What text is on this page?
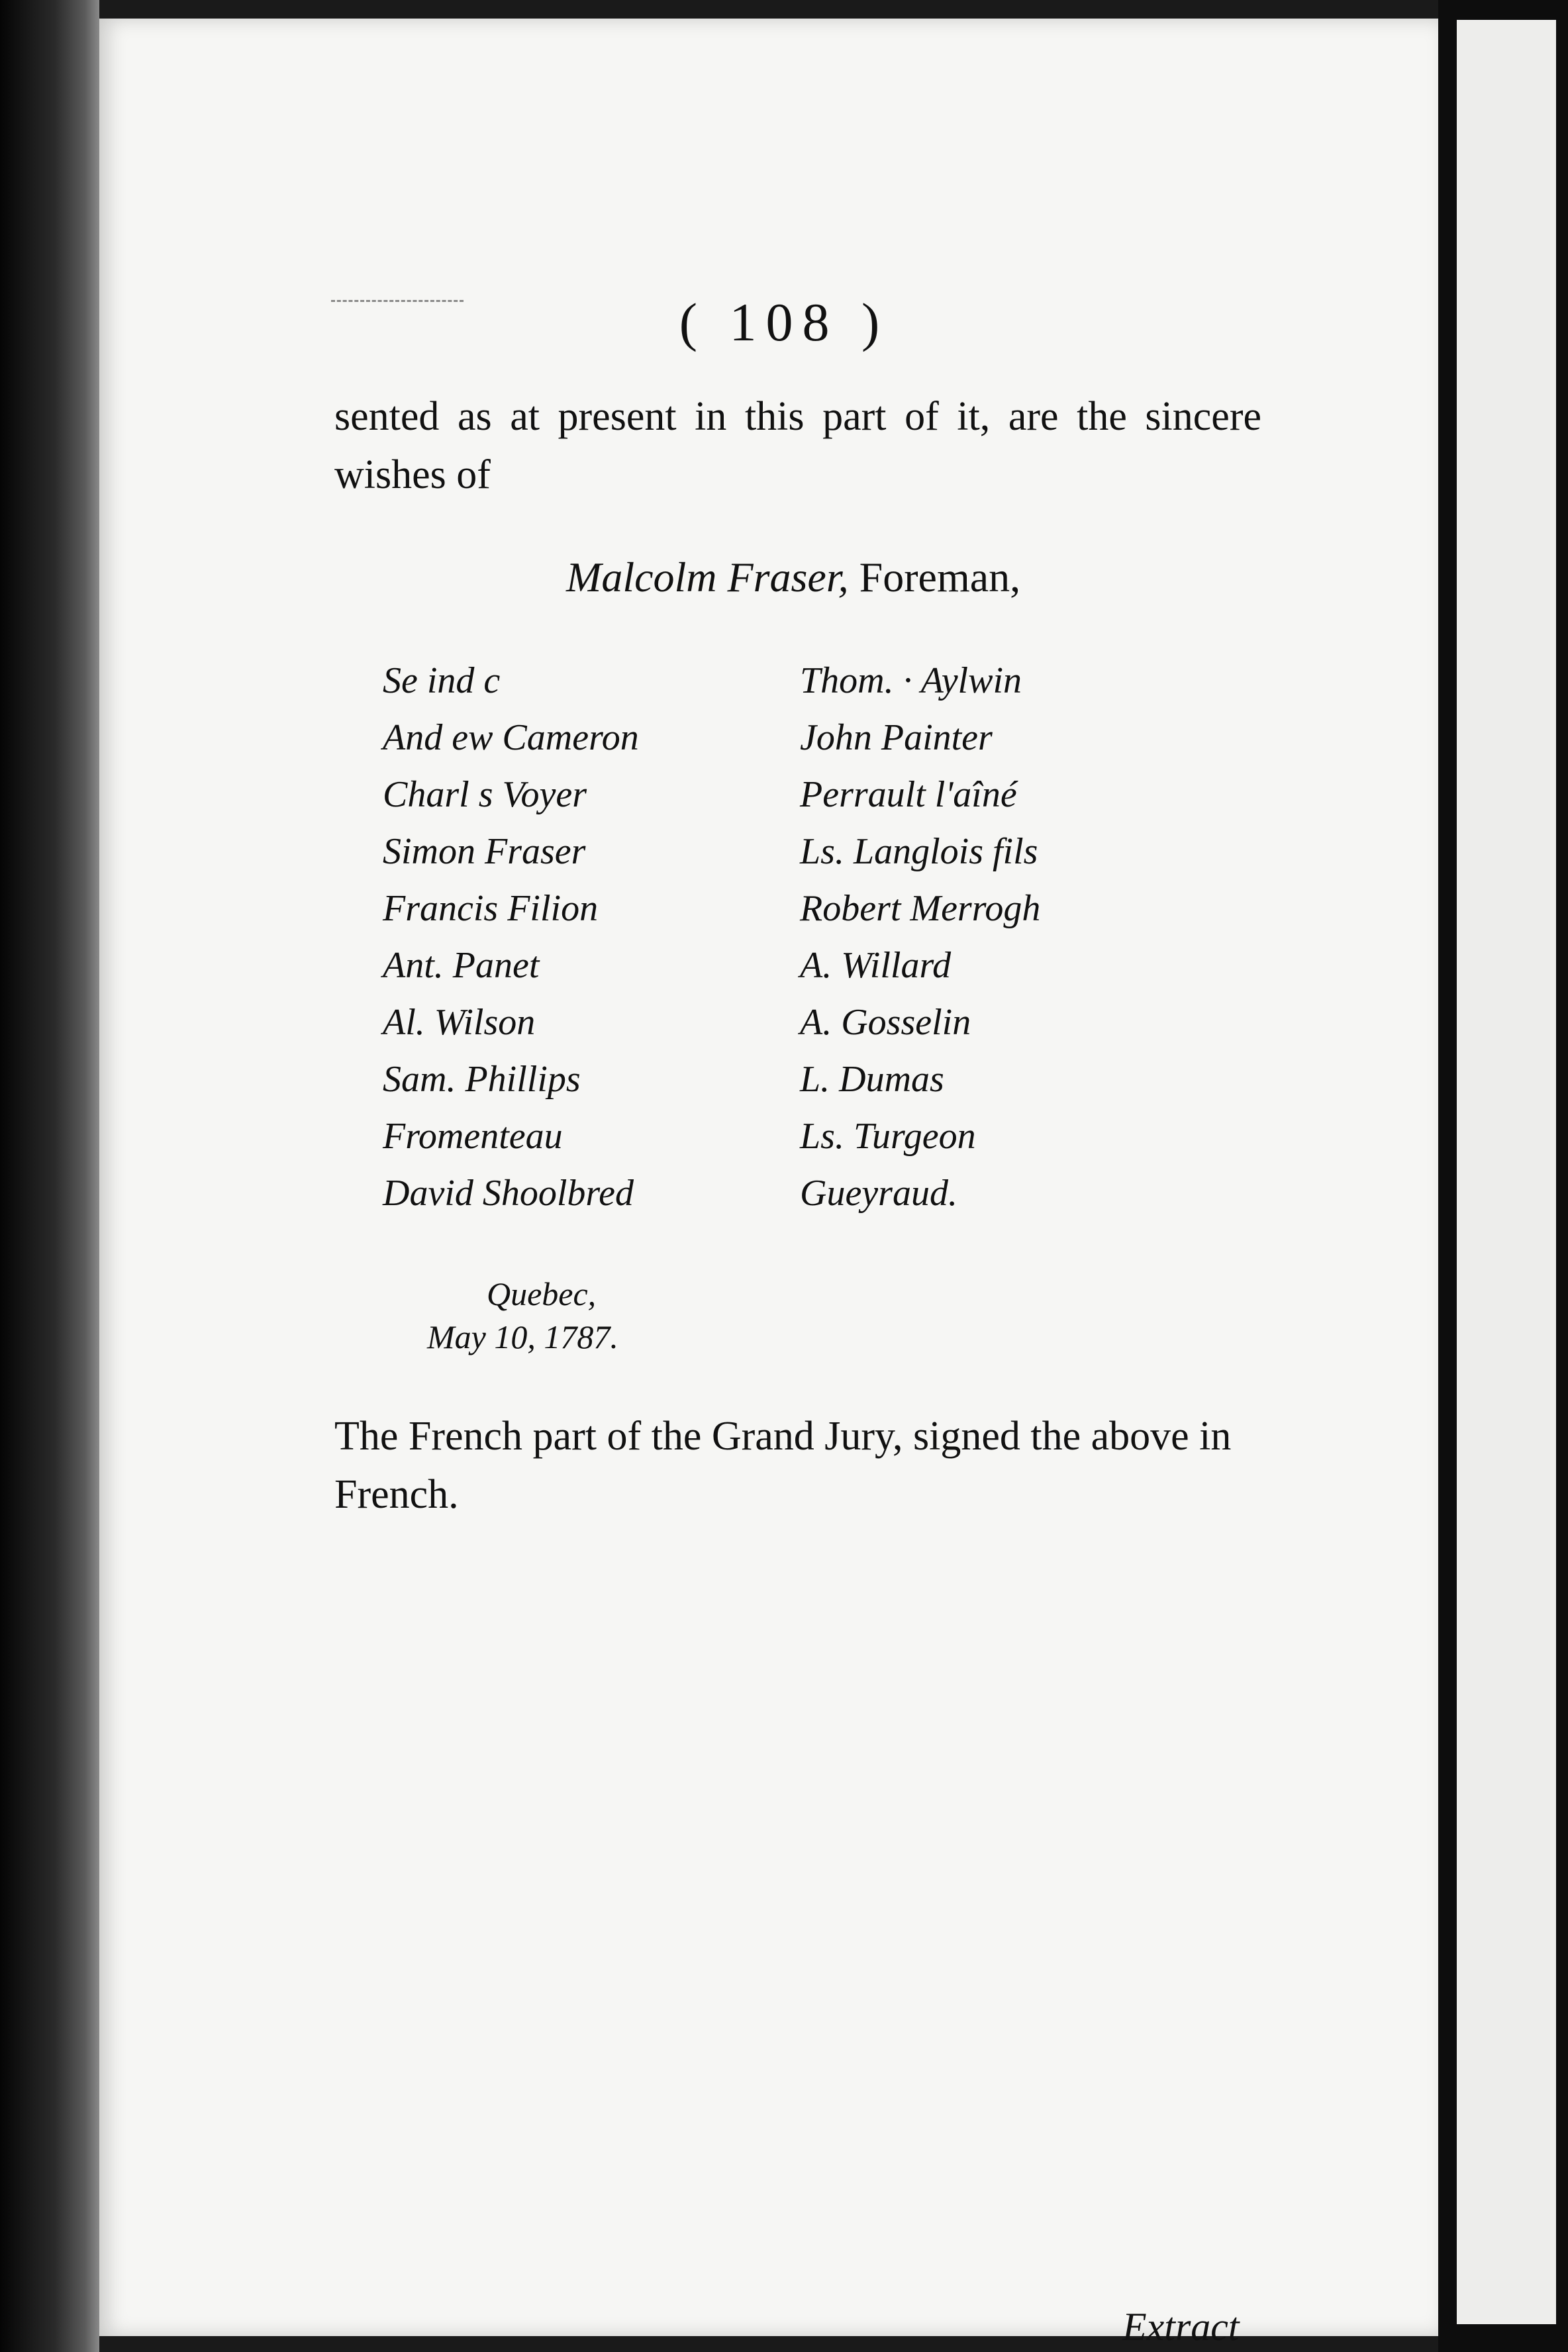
( 108 )
sented as at present in this part of it, are the sincere wishes of
Malcolm Fraser, Foreman,
Se ind c
And ew Cameron
Charl s Voyer
Simon Fraser
Francis Filion
Ant. Panet
Al. Wilson
Sam. Phillips
Fromenteau
David Shoolbred
Thom. · Aylwin
John Painter
Perrault l'aîné
Ls. Langlois fils
Robert Merrogh
A. Willard
A. Gosselin
L. Dumas
Ls. Turgeon
Gueyraud.
Quebec,
May 10, 1787.
The French part of the Grand Jury, signed the above in French.
Extract
